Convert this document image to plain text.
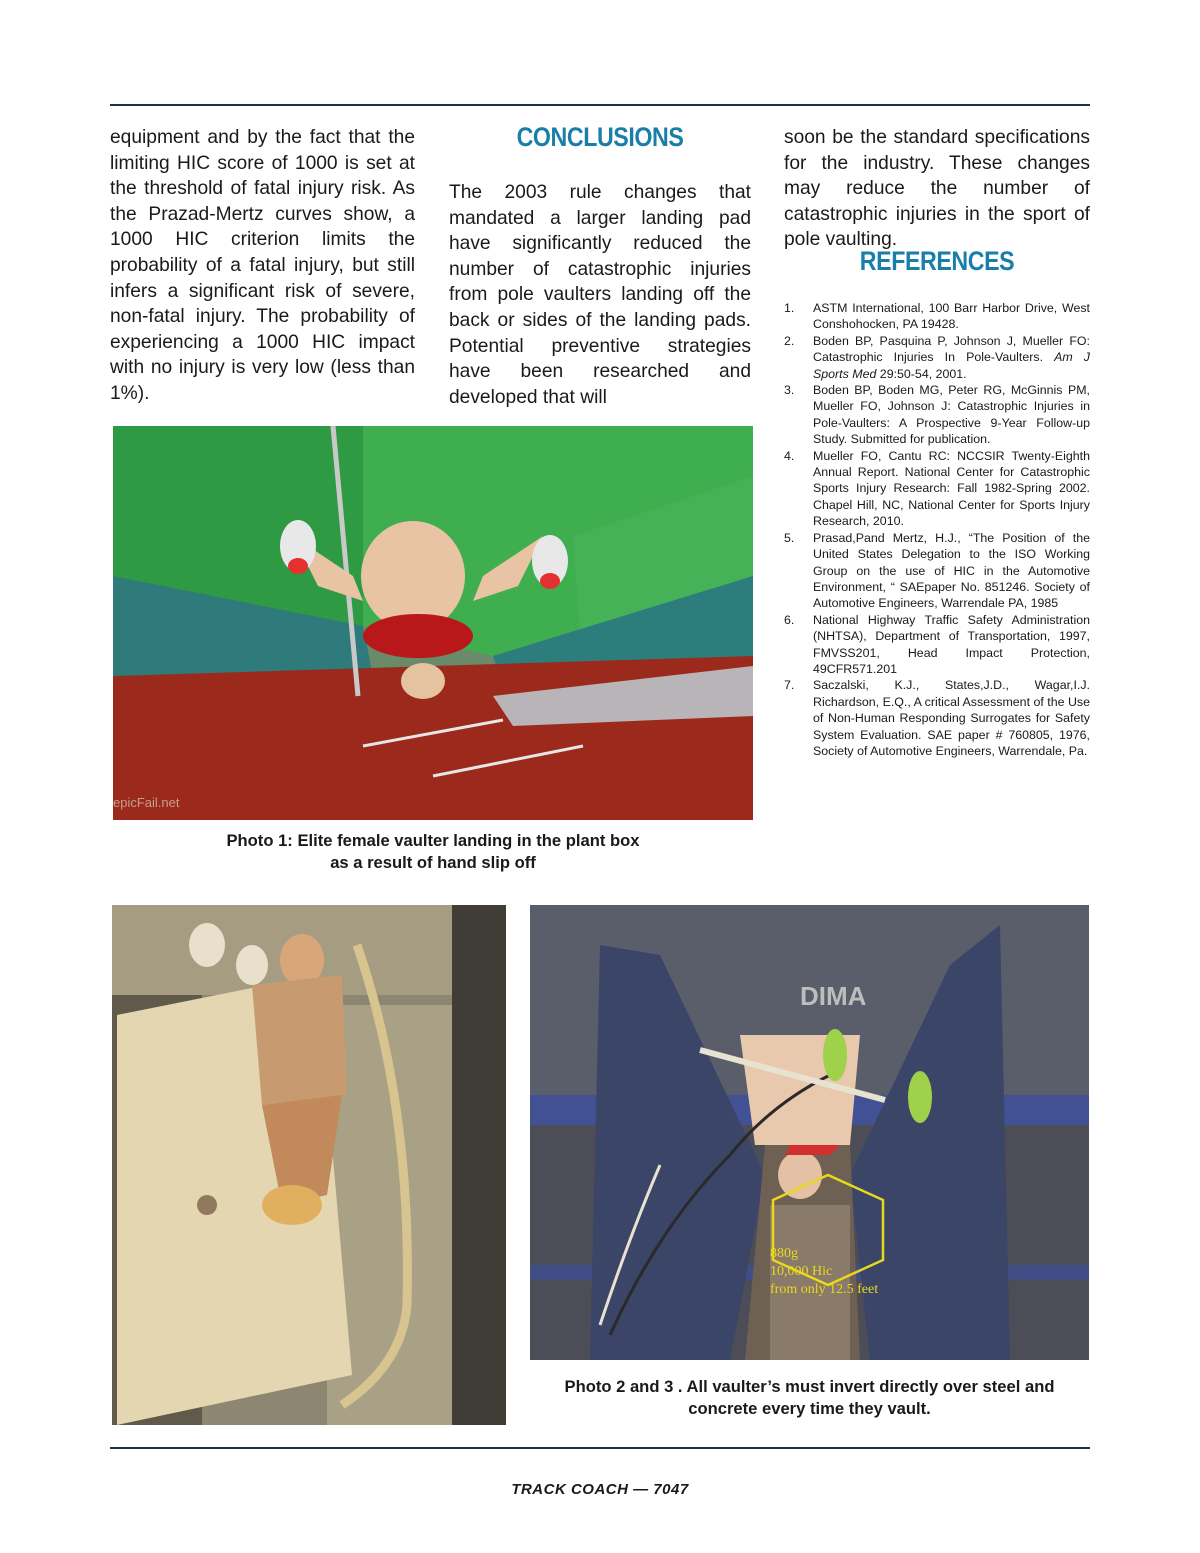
equipment and by the fact that the limiting HIC score of 1000 is set at the threshold of fatal injury risk. As the Prazad-Mertz curves show, a 1000 HIC criterion limits the probability of a fatal injury, but still infers a significant risk of severe, non-fatal injury. The probability of experiencing a 1000 HIC impact with no injury is very low (less than 1%).

CONCLUSIONS

The 2003 rule changes that mandated a larger landing pad have significantly reduced the number of catastrophic injuries from pole vaulters landing off the back or sides of the landing pads. Potential preventive strategies have been researched and developed that will

soon be the standard specifications for the industry. These changes may reduce the number of catastrophic injuries in the sport of pole vaulting.

REFERENCES
1. ASTM International, 100 Barr Harbor Drive, West Conshohocken, PA 19428.
2. Boden BP, Pasquina P, Johnson J, Mueller FO: Catastrophic Injuries In Pole-Vaulters. Am J Sports Med 29:50-54, 2001.
3. Boden BP, Boden MG, Peter RG, McGinnis PM, Mueller FO, Johnson J: Catastrophic Injuries in Pole-Vaulters: A Prospective 9-Year Follow-up Study. Submitted for publication.
4. Mueller FO, Cantu RC: NCCSIR Twenty-Eighth Annual Report. National Center for Catastrophic Sports Injury Research: Fall 1982-Spring 2002. Chapel Hill, NC, National Center for Sports Injury Research, 2010.
5. Prasad,Pand Mertz, H.J., “The Position of the United States Delegation to the ISO Working Group on the use of HIC in the Automotive Environment, “ SAEpaper No. 851246. Society of Automotive Engineers, Warrendale PA, 1985
6. National Highway Traffic Safety Administration (NHTSA), Department of Transportation, 1997, FMVSS201, Head Impact Protection, 49CFR571.201
7. Saczalski, K.J., States,J.D., Wagar,I.J. Richardson, E.Q., A critical Assessment of the Use of Non-Human Responding Surrogates for Safety System Evaluation. SAE paper # 760805, 1976, Society of Automotive Engineers, Warrendale, Pa.
epicFail.net

Photo 1: Elite female vaulter landing in the plant box
as a result of hand slip off

DIMA
880g
10,000 Hic
from only 12.5 feet

Photo 2 and 3 . All vaulter’s must invert directly over steel and
concrete every time they vault.

TRACK COACH — 7047
